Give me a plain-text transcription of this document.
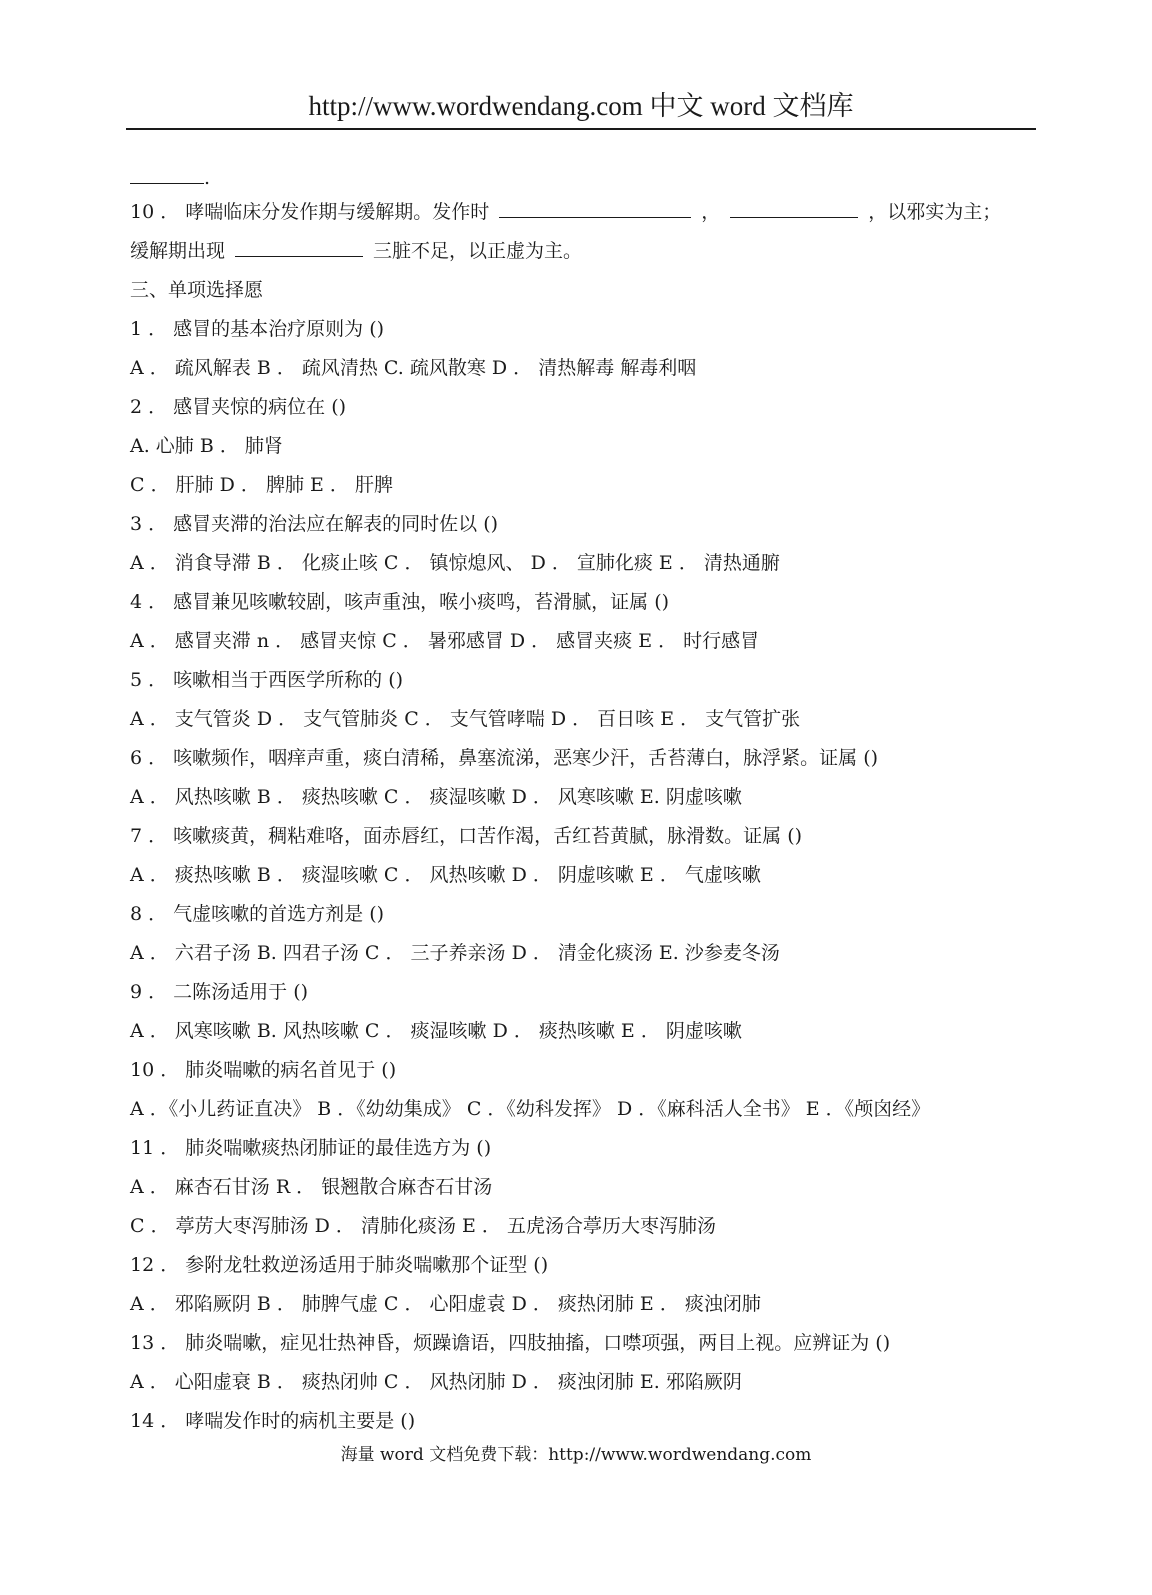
http://www.wordwendang.com 中文 word 文档库
.
10 ． 哮喘临床分发作期与缓解期。发作时	，	，以邪实为主；
缓解期出现	三脏不足，以正虚为主。
三、单项选择愿
1 ． 感冒的基本治疗原则为 ()
A ． 疏风解表 B ． 疏风清热 C. 疏风散寒 D ． 清热解毒 解毒利咽
2 ． 感冒夹惊的病位在 ()
A. 心肺 B ． 肺肾
C ． 肝肺 D ． 脾肺 E ． 肝脾
3 ． 感冒夹滞的治法应在解表的同时佐以 ()
A ． 消食导滞 B ． 化痰止咳 C ． 镇惊熄风、 D ． 宣肺化痰 E ． 清热通腑
4 ． 感冒兼见咳嗽较剧，咳声重浊，喉小痰鸣，苔滑腻，证属 ()
A ． 感冒夹滞 n ． 感冒夹惊 C ． 暑邪感冒 D ． 感冒夹痰 E ． 时行感冒
5 ． 咳嗽相当于西医学所称的 ()
A ． 支气管炎 D ． 支气管肺炎 C ． 支气管哮喘 D ． 百日咳 E ． 支气管扩张
6 ． 咳嗽频作，咽痒声重，痰白清稀，鼻塞流涕，恶寒少汗，舌苔薄白，脉浮紧。证属 ()
A ． 风热咳嗽 B ． 痰热咳嗽 C ． 痰湿咳嗽 D ． 风寒咳嗽 E. 阴虚咳嗽
7 ． 咳嗽痰黄，稠粘难咯，面赤唇红，口苦作渴，舌红苔黄腻，脉滑数。证属 ()
A ． 痰热咳嗽 B ． 痰湿咳嗽 C ． 风热咳嗽 D ． 阴虚咳嗽 E ． 气虚咳嗽
8 ． 气虚咳嗽的首选方剂是 ()
A ． 六君子汤 B. 四君子汤 C ． 三子养亲汤 D ． 清金化痰汤 E. 沙参麦冬汤
9 ． 二陈汤适用于 ()
A ． 风寒咳嗽 B. 风热咳嗽 C ． 痰湿咳嗽 D ． 痰热咳嗽 E ． 阴虚咳嗽
10 ． 肺炎喘嗽的病名首见于 ()
A ．《小儿药证直决》 B ．《幼幼集成》 C ．《幼科发挥》 D ．《麻科活人全书》 E ．《颅囟经》
11 ． 肺炎喘嗽痰热闭肺证的最佳选方为 ()
A ． 麻杏石甘汤 R ． 银翘散合麻杏石甘汤
C ． 葶苈大枣泻肺汤 D ． 清肺化痰汤 E ． 五虎汤合葶历大枣泻肺汤
12 ． 参附龙牡救逆汤适用于肺炎喘嗽那个证型 ()
A ． 邪陷厥阴 B ． 肺脾气虚 C ． 心阳虚袁 D ． 痰热闭肺 E ． 痰浊闭肺
13 ． 肺炎喘嗽，症见壮热神昏，烦躁谵语，四肢抽搐，口噤项强，两目上视。应辨证为 ()
A ． 心阳虚衰 B ． 痰热闭帅 C ． 风热闭肺 D ． 痰浊闭肺 E. 邪陷厥阴
14 ． 哮喘发作时的病机主要是 ()
海量 word 文档免费下载：http://www.wordwendang.com
